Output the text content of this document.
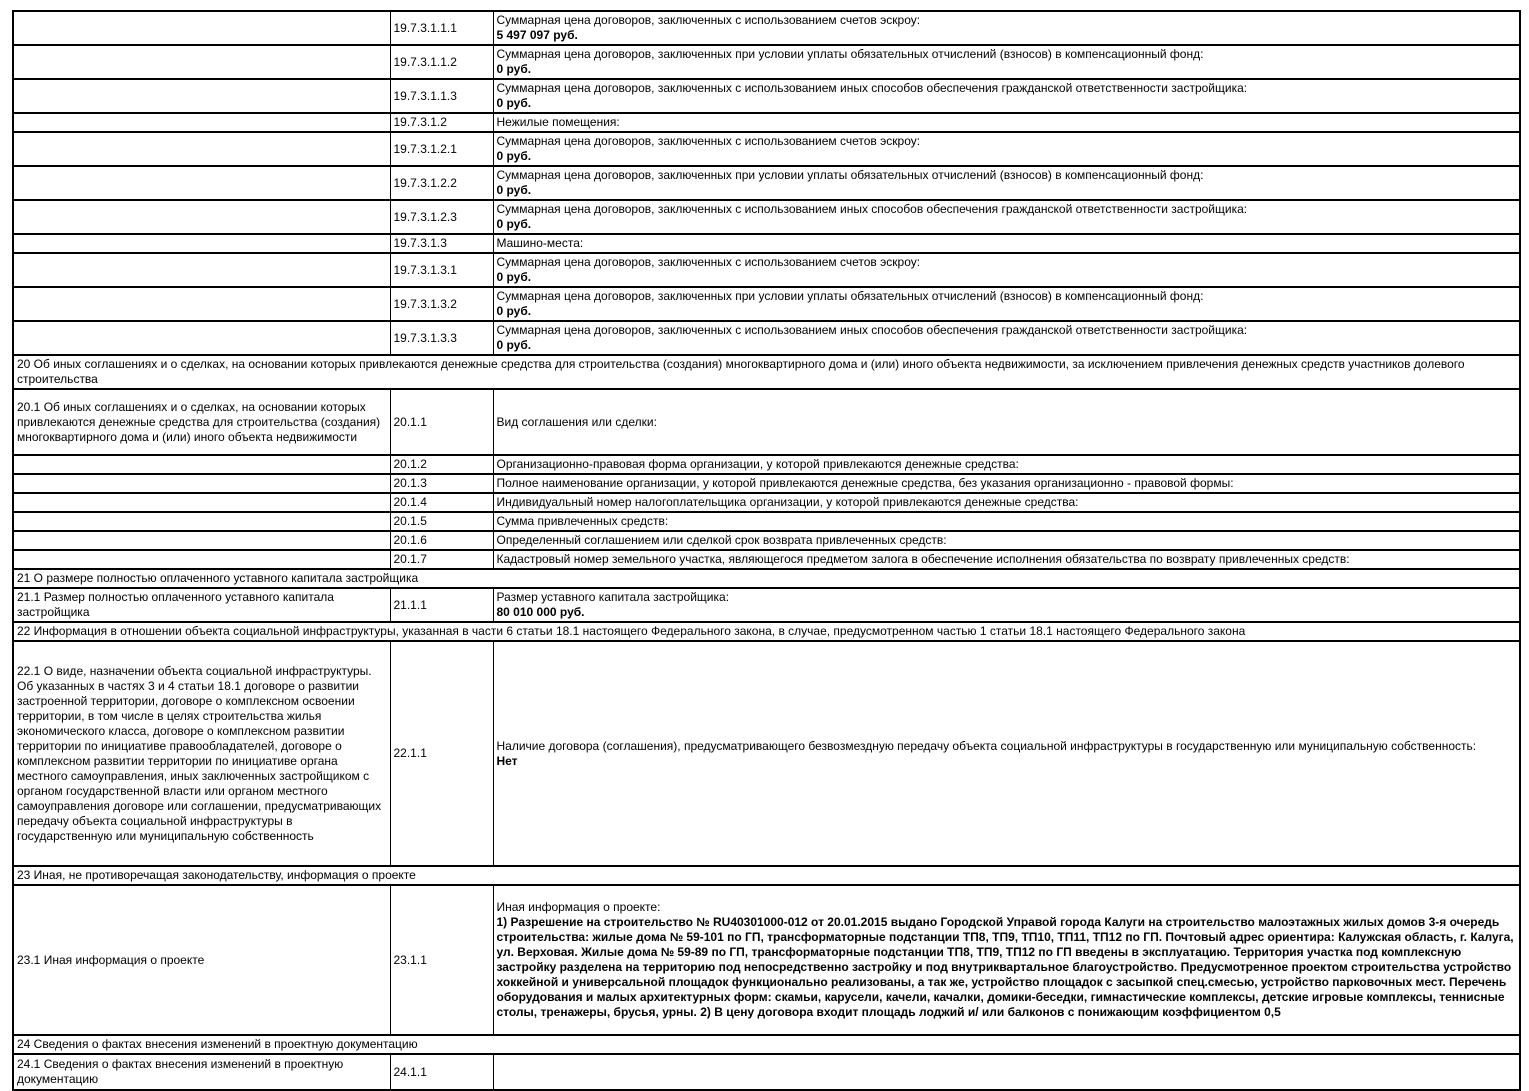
	19.7.3.1.1.1	Суммарная цена договоров, заключенных с использованием счетов эскроу:
5 497 097 руб.

	19.7.3.1.1.2	Суммарная цена договоров, заключенных при условии уплаты обязательных отчислений (взносов) в компенсационный фонд:
0 руб.

	19.7.3.1.1.3	Суммарная цена договоров, заключенных с использованием иных способов обеспечения гражданской ответственности застройщика:
0 руб.

	19.7.3.1.2	Нежилые помещения:

	19.7.3.1.2.1	Суммарная цена договоров, заключенных с использованием счетов эскроу:
0 руб.

	19.7.3.1.2.2	Суммарная цена договоров, заключенных при условии уплаты обязательных отчислений (взносов) в компенсационный фонд:
0 руб.

	19.7.3.1.2.3	Суммарная цена договоров, заключенных с использованием иных способов обеспечения гражданской ответственности застройщика:
0 руб.

	19.7.3.1.3	Машино-места:

	19.7.3.1.3.1	Суммарная цена договоров, заключенных с использованием счетов эскроу:
0 руб.

	19.7.3.1.3.2	Суммарная цена договоров, заключенных при условии уплаты обязательных отчислений (взносов) в компенсационный фонд:
0 руб.

	19.7.3.1.3.3	Суммарная цена договоров, заключенных с использованием иных способов обеспечения гражданской ответственности застройщика:
0 руб.

20 Об иных соглашениях и о сделках, на основании которых привлекаются денежные средства для строительства (создания) многоквартирного дома и (или) иного объекта недвижимости, за исключением привлечения денежных средств участников долевого строительства		
20.1 Об иных соглашениях и о сделках, на основании которых привлекаются денежные средства для строительства (создания) многоквартирного дома и (или) иного объекта недвижимости	20.1.1	Вид соглашения или сделки:

	20.1.2	Организационно-правовая форма организации, у которой привлекаются денежные средства:

	20.1.3	Полное наименование организации, у которой привлекаются денежные средства, без указания организационно - правовой формы:

	20.1.4	Индивидуальный номер налогоплательщика организации, у которой привлекаются денежные средства:

	20.1.5	Сумма привлеченных средств:

	20.1.6	Определенный соглашением или сделкой срок возврата привлеченных средств:

	20.1.7	Кадастровый номер земельного участка, являющегося предметом залога в обеспечение исполнения обязательства по возврату привлеченных средств:

21 О размере полностью оплаченного уставного капитала застройщика		
21.1 Размер полностью оплаченного уставного капитала застройщика	21.1.1	Размер уставного капитала застройщика:
80 010 000 руб.

22 Информация в отношении объекта социальной инфраструктуры, указанная в части 6 статьи 18.1 настоящего Федерального закона, в случае, предусмотренном частью 1 статьи 18.1 настоящего Федерального закона		
22.1 О виде, назначении объекта социальной инфраструктуры. Об указанных в частях 3 и 4 статьи 18.1 договоре о развитии застроенной территории, договоре о комплексном освоении территории, в том числе в целях строительства жилья экономического класса, договоре о комплексном развитии территории по инициативе правообладателей, договоре о комплексном развитии территории по инициативе органа местного самоуправления, иных заключенных застройщиком с органом государственной власти или органом местного самоуправления договоре или соглашении, предусматривающих передачу объекта социальной инфраструктуры в государственную или муниципальную собственность	22.1.1	Наличие договора (соглашения), предусматривающего безвозмездную передачу объекта социальной инфраструктуры в государственную или муниципальную собственность:
Нет

23 Иная, не противоречащая законодательству, информация о проекте		
23.1 Иная информация о проекте	23.1.1	Иная информация о проекте:
1) Разрешение на строительство № RU40301000-012 от 20.01.2015 выдано Городской Управой города Калуги на строительство малоэтажных жилых домов 3-я очередь строительства: жилые дома № 59-101 по ГП, трансформаторные подстанции ТП8, ТП9, ТП10, ТП11, ТП12 по ГП. Почтовый адрес ориентира: Калужская область, г. Калуга, ул. Верховая. Жилые дома № 59-89 по ГП, трансформаторные подстанции ТП8, ТП9, ТП12 по ГП введены в эксплуатацию. Территория участка под комплексную застройку разделена на территорию под непосредственно застройку и под внутриквартальное благоустройство. Предусмотренное проектом строительства устройство хоккейной и универсальной площадок функционально реализованы, а так же, устройство площадок с засыпкой спец.смесью, устройство парковочных мест. Перечень оборудования и малых архитектурных форм: скамьи, карусели, качели, качалки, домики-беседки, гимнастические комплексы, детские игровые комплексы, теннисные столы, тренажеры, брусья, урны. 2) В цену договора входит площадь лоджий и/ или балконов с понижающим коэффициентом 0,5

24 Сведения о фактах внесения изменений в проектную документацию		
24.1 Сведения о фактах внесения изменений в проектную документацию	24.1.1	
